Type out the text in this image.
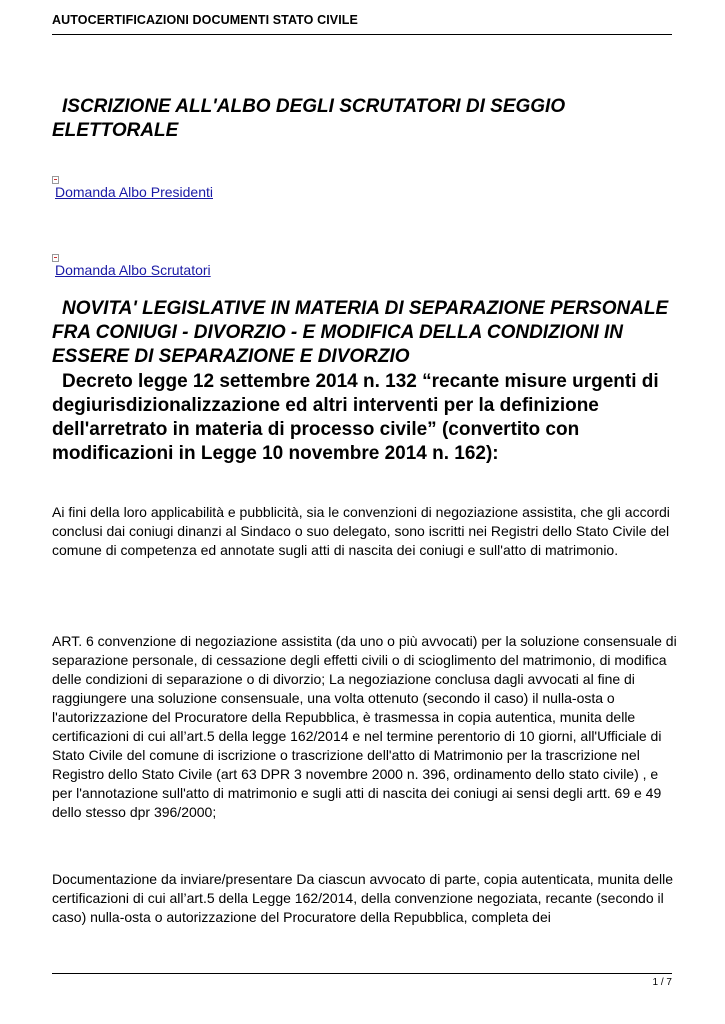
AUTOCERTIFICAZIONI DOCUMENTI STATO CIVILE
ISCRIZIONE ALL'ALBO DEGLI SCRUTATORI DI SEGGIO ELETTORALE
Domanda Albo Presidenti
Domanda Albo Scrutatori
NOVITA' LEGISLATIVE IN MATERIA DI SEPARAZIONE PERSONALE FRA CONIUGI - DIVORZIO - E MODIFICA DELLA CONDIZIONI IN ESSERE DI SEPARAZIONE E DIVORZIO
Decreto legge 12 settembre 2014 n. 132 “recante misure urgenti di degiurisdizionalizzazione ed altri interventi per la definizione dell'arretrato in materia di processo civile” (convertito con modificazioni in Legge 10 novembre 2014 n. 162):

Ai fini della loro applicabilità e pubblicità, sia le convenzioni di negoziazione assistita, che gli accordi conclusi dai coniugi dinanzi al Sindaco o suo delegato, sono iscritti nei Registri dello Stato Civile del comune di competenza ed annotate sugli atti di nascita dei coniugi e sull'atto di matrimonio.

ART. 6 convenzione di negoziazione assistita (da uno o più avvocati) per la soluzione consensuale di separazione personale, di cessazione degli effetti civili o di scioglimento del matrimonio, di modifica delle condizioni di separazione o di divorzio; La negoziazione conclusa dagli avvocati al fine di raggiungere una soluzione consensuale, una volta ottenuto (secondo il caso) il nulla-osta o l'autorizzazione del Procuratore della Repubblica, è trasmessa in copia autentica, munita delle certificazioni di cui all’art.5 della legge 162/2014 e nel termine perentorio di 10 giorni, all'Ufficiale di Stato Civile del comune di iscrizione o trascrizione dell'atto di Matrimonio per la trascrizione nel Registro dello Stato Civile (art 63 DPR 3 novembre 2000 n. 396, ordinamento dello stato civile) , e per l'annotazione sull'atto di matrimonio e sugli atti di nascita dei coniugi ai sensi degli artt. 69 e 49 dello stesso dpr 396/2000;

Documentazione da inviare/presentare Da ciascun avvocato di parte, copia autenticata, munita delle certificazioni di cui all’art.5 della Legge 162/2014, della convenzione negoziata, recante (secondo il caso) nulla-osta o autorizzazione del Procuratore della Repubblica, completa dei

1 / 7
